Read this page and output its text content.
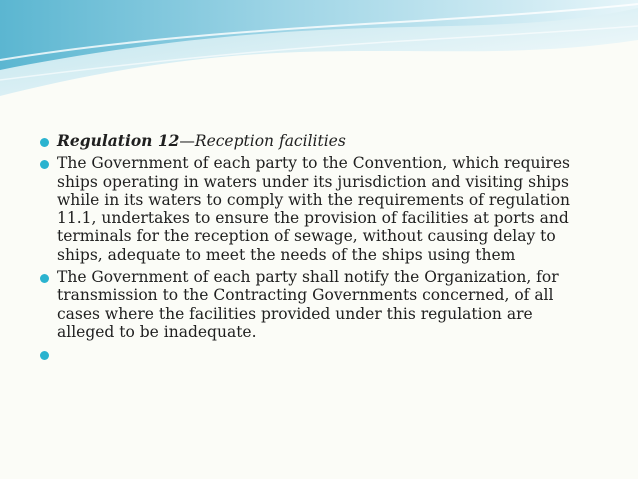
Regulation 12—Reception facilities
The Government of each party to the Convention, which requires
ships operating in waters under its jurisdiction and visiting ships
while in its waters to comply with the requirements of regulation
11.1, undertakes to ensure the provision of facilities at ports and
terminals for the reception of sewage, without causing delay to
ships, adequate to meet the needs of the ships using them
The Government of each party shall notify the Organization, for
transmission to the Contracting Governments concerned, of all
cases where the facilities provided under this regulation are
alleged to be inadequate.
